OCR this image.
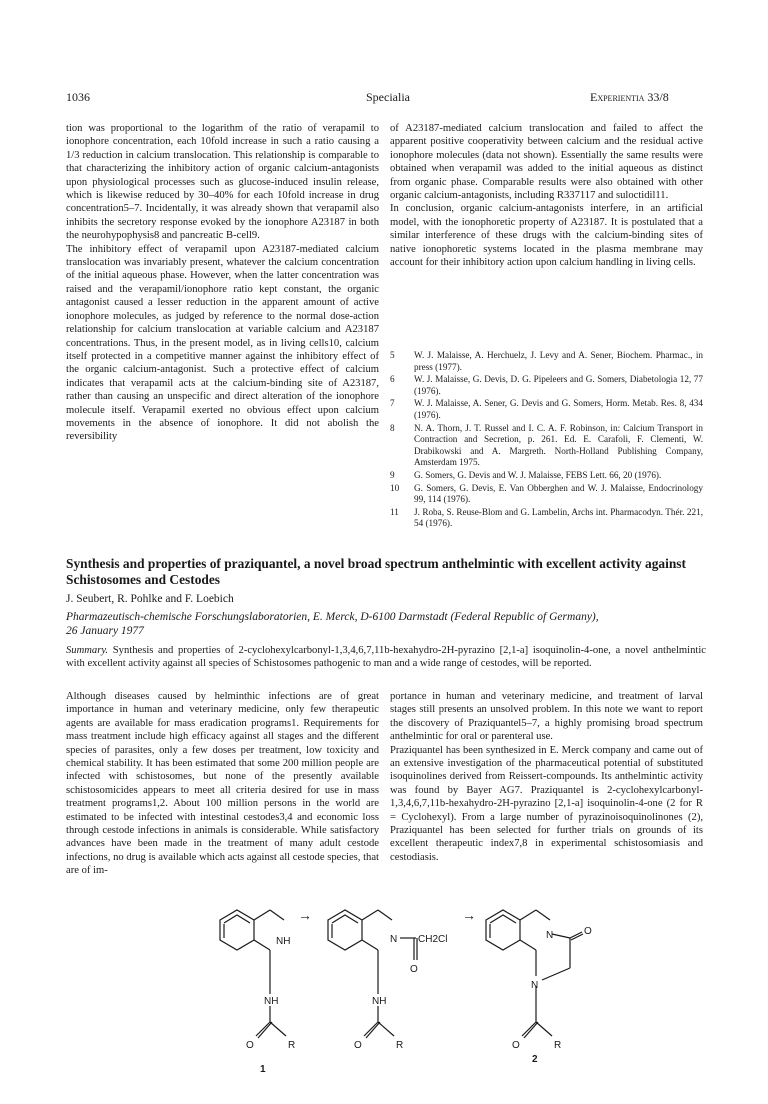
1036	Specialia	Experientia 33/8

tion was proportional to the logarithm of the ratio of verapamil to ionophore concentration, each 10fold increase in such a ratio causing a 1/3 reduction in calcium translocation. This relationship is comparable to that characterizing the inhibitory action of organic calcium-antagonists upon physiological processes such as glucose-induced insulin release, which is likewise reduced by 30–40% for each 10fold increase in drug concentration5–7. Incidentally, it was already shown that verapamil also inhibits the secretory response evoked by the ionophore A23187 in both the neurohypophysis8 and pancreatic B-cell9.

The inhibitory effect of verapamil upon A23187-mediated calcium translocation was invariably present, whatever the calcium concentration of the initial aqueous phase. However, when the latter concentration was raised and the verapamil/ionophore ratio kept constant, the organic antagonist caused a lesser reduction in the apparent amount of active ionophore molecules, as judged by reference to the normal dose-action relationship for calcium translocation at variable calcium and A23187 concentrations. Thus, in the present model, as in living cells10, calcium itself protected in a competitive manner against the inhibitory effect of the organic calcium-antagonist. Such a protective effect of calcium indicates that verapamil acts at the calcium-binding site of A23187, rather than causing an unspecific and direct alteration of the ionophore molecule itself. Verapamil exerted no obvious effect upon calcium movements in the absence of ionophore. It did not abolish the reversibility

of A23187-mediated calcium translocation and failed to affect the apparent positive cooperativity between calcium and the residual active ionophore molecules (data not shown). Essentially the same results were obtained when verapamil was added to the initial aqueous as distinct from organic phase. Comparable results were also obtained with other organic calcium-antagonists, including R337117 and suloctidil11.

In conclusion, organic calcium-antagonists interfere, in an artificial model, with the ionophoretic property of A23187. It is postulated that a similar interference of these drugs with the calcium-binding sites of native ionophoretic systems located in the plasma membrane may account for their inhibitory action upon calcium handling in living cells.

5 W. J. Malaisse, A. Herchuelz, J. Levy and A. Sener, Biochem. Pharmac., in press (1977).
6 W. J. Malaisse, G. Devis, D. G. Pipeleers and G. Somers, Diabetologia 12, 77 (1976).
7 W. J. Malaisse, A. Sener, G. Devis and G. Somers, Horm. Metab. Res. 8, 434 (1976).
8 N. A. Thorn, J. T. Russel and I. C. A. F. Robinson, in: Calcium Transport in Contraction and Secretion, p. 261. Ed. E. Carafoli, F. Clementi, W. Drabikowski and A. Margreth. North-Holland Publishing Company, Amsterdam 1975.
9 G. Somers, G. Devis and W. J. Malaisse, FEBS Lett. 66, 20 (1976).
10 G. Somers, G. Devis, E. Van Obberghen and W. J. Malaisse, Endocrinology 99, 114 (1976).
11 J. Roba, S. Reuse-Blom and G. Lambelin, Archs int. Pharmacodyn. Thér. 221, 54 (1976).
Synthesis and properties of praziquantel, a novel broad spectrum anthelmintic with excellent activity against Schistosomes and Cestodes
J. Seubert, R. Pohlke and F. Loebich
Pharmazeutisch-chemische Forschungslaboratorien, E. Merck, D-6100 Darmstadt (Federal Republic of Germany),
26 January 1977
Summary. Synthesis and properties of 2-cyclohexylcarbonyl-1,3,4,6,7,11b-hexahydro-2H-pyrazino [2,1-a] isoquinolin-4-one, a novel anthelmintic with excellent activity against all species of Schistosomes pathogenic to man and a wide range of cestodes, will be reported.

Although diseases caused by helminthic infections are of great importance in human and veterinary medicine, only few therapeutic agents are available for mass eradication programs1. Requirements for mass treatment include high efficacy against all stages and the different species of parasites, only a few doses per treatment, low toxicity and chemical stability. It has been estimated that some 200 million people are infected with schistosomes, but none of the presently available schistosomicides appears to meet all criteria desired for use in mass treatment programs1,2. About 100 million persons in the world are estimated to be infected with intestinal cestodes3,4 and economic loss through cestode infections in animals is considerable. While satisfactory advances have been made in the treatment of many adult cestode infections, no drug is available which acts against all cestode species, that are of im-

portance in human and veterinary medicine, and treatment of larval stages still presents an unsolved problem. In this note we want to report the discovery of Praziquantel5–7, a highly promising broad spectrum anthelmintic for oral or parenteral use.

Praziquantel has been synthesized in E. Merck company and came out of an extensive investigation of the pharmaceutical potential of substituted isoquinolines derived from Reissert-compounds. Its anthelmintic activity was found by Bayer AG7. Praziquantel is 2-cyclohexylcarbonyl-1,3,4,6,7,11b-hexahydro-2H-pyrazino [2,1-a] isoquinolin-4-one (2 for R = Cyclohexyl). From a large number of pyrazinoisoquinolinones (2), Praziquantel has been selected for further trials on grounds of its excellent therapeutic index7,8 in experimental schistosomiasis and cestodiasis.

NH
NH
O	R
1
→
N CH2Cl
O
NH
O	R
→
N	O
N
O	R
2
